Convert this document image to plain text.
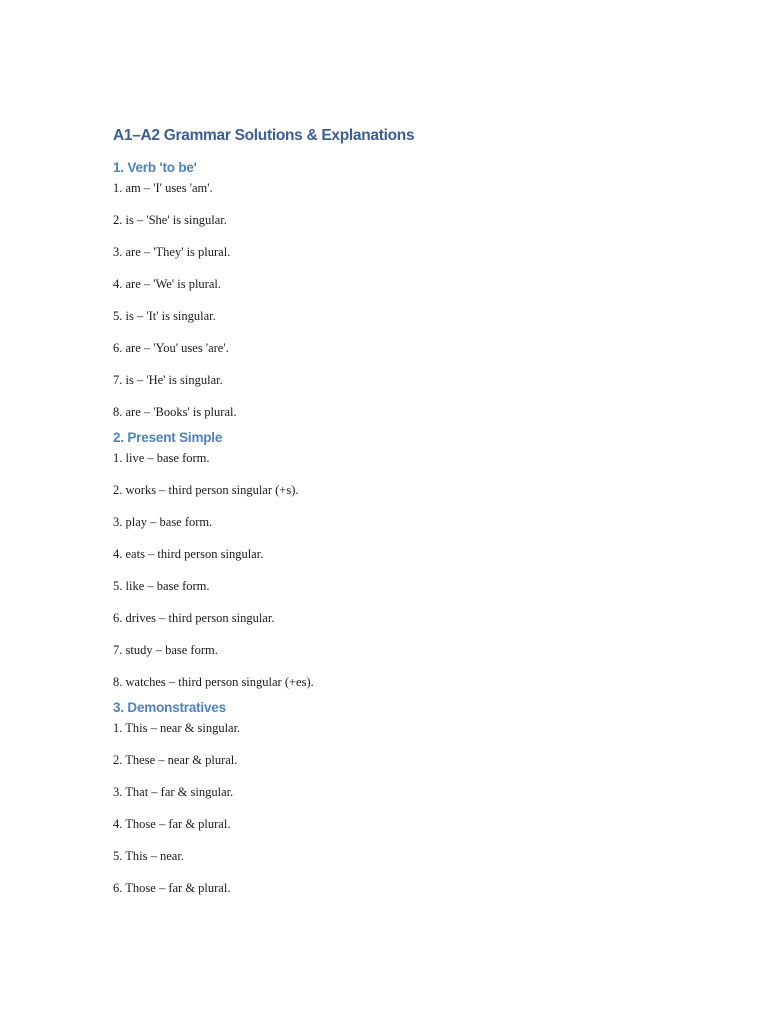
A1–A2 Grammar Solutions & Explanations
1. Verb 'to be'

1. am – 'I' uses 'am'.

2. is – 'She' is singular.

3. are – 'They' is plural.

4. are – 'We' is plural.

5. is – 'It' is singular.

6. are – 'You' uses 'are'.

7. is – 'He' is singular.

8. are – 'Books' is plural.

2. Present Simple

1. live – base form.

2. works – third person singular (+s).

3. play – base form.

4. eats – third person singular.

5. like – base form.

6. drives – third person singular.

7. study – base form.

8. watches – third person singular (+es).

3. Demonstratives

1. This – near & singular.

2. These – near & plural.

3. That – far & singular.

4. Those – far & plural.

5. This – near.

6. Those – far & plural.
